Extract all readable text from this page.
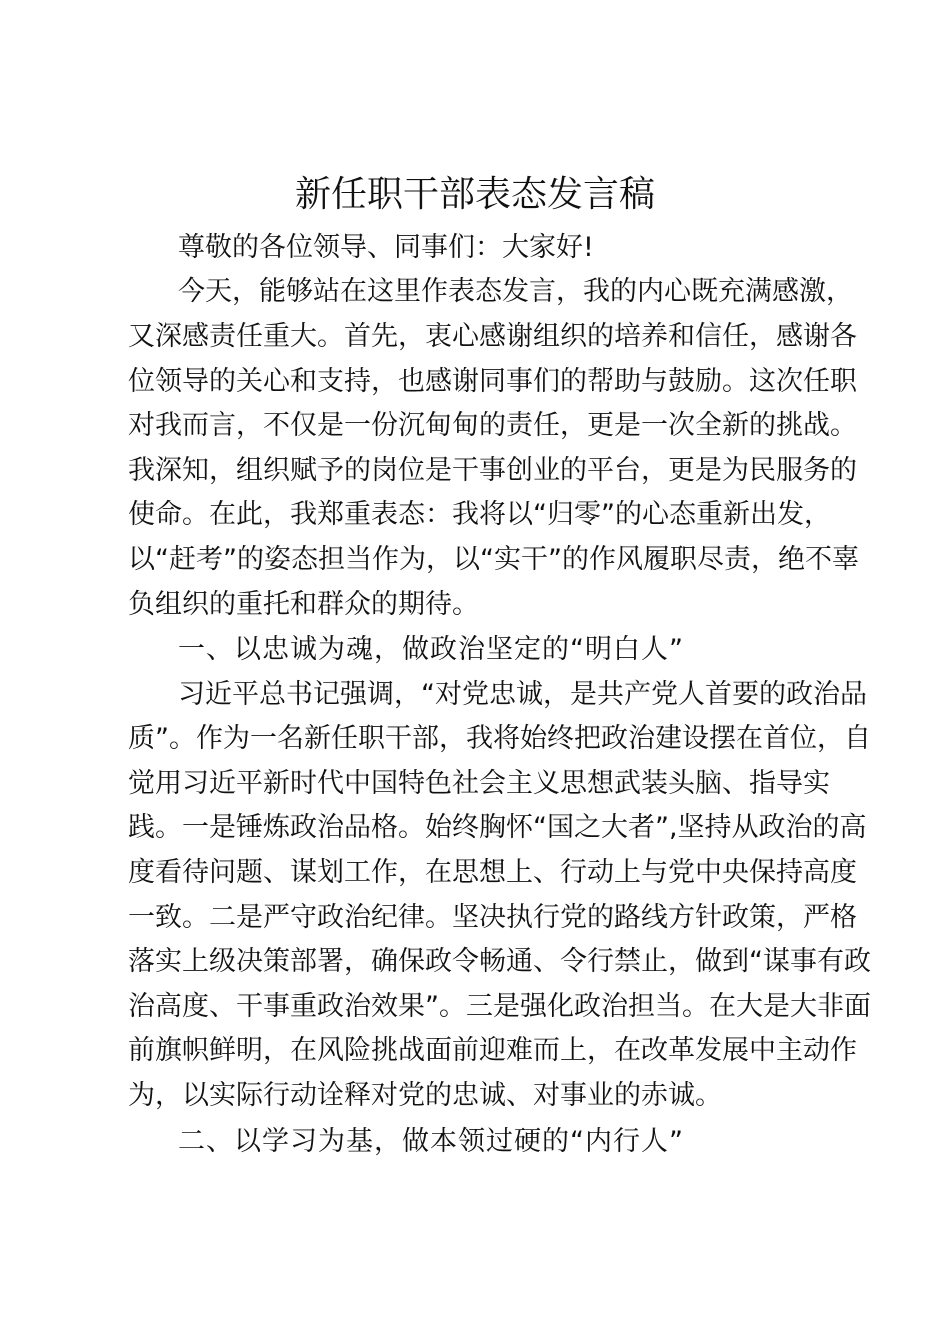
新任职干部表态发言稿

尊敬的各位领导、同事们：大家好!

今天，能够站在这里作表态发言，我的内心既充满感激，

又深感责任重大。首先，衷心感谢组织的培养和信任，感谢各

位领导的关心和支持，也感谢同事们的帮助与鼓励。这次任职

对我而言，不仅是一份沉甸甸的责任，更是一次全新的挑战。

我深知，组织赋予的岗位是干事创业的平台，更是为民服务的

使命。在此，我郑重表态：我将以“归零”的心态重新出发，

以“赶考”的姿态担当作为，以“实干”的作风履职尽责，绝不辜

负组织的重托和群众的期待。

一、以忠诚为魂，做政治坚定的“明白人”

习近平总书记强调，“对党忠诚，是共产党人首要的政治品

质”。作为一名新任职干部，我将始终把政治建设摆在首位，自

觉用习近平新时代中国特色社会主义思想武装头脑、指导实

践。一是锤炼政治品格。始终胸怀“国之大者”,坚持从政治的高

度看待问题、谋划工作，在思想上、行动上与党中央保持高度

一致。二是严守政治纪律。坚决执行党的路线方针政策，严格

落实上级决策部署，确保政令畅通、令行禁止，做到“谋事有政

治高度、干事重政治效果”。三是强化政治担当。在大是大非面

前旗帜鲜明，在风险挑战面前迎难而上，在改革发展中主动作

为，以实际行动诠释对党的忠诚、对事业的赤诚。

二、以学习为基，做本领过硬的“内行人”
